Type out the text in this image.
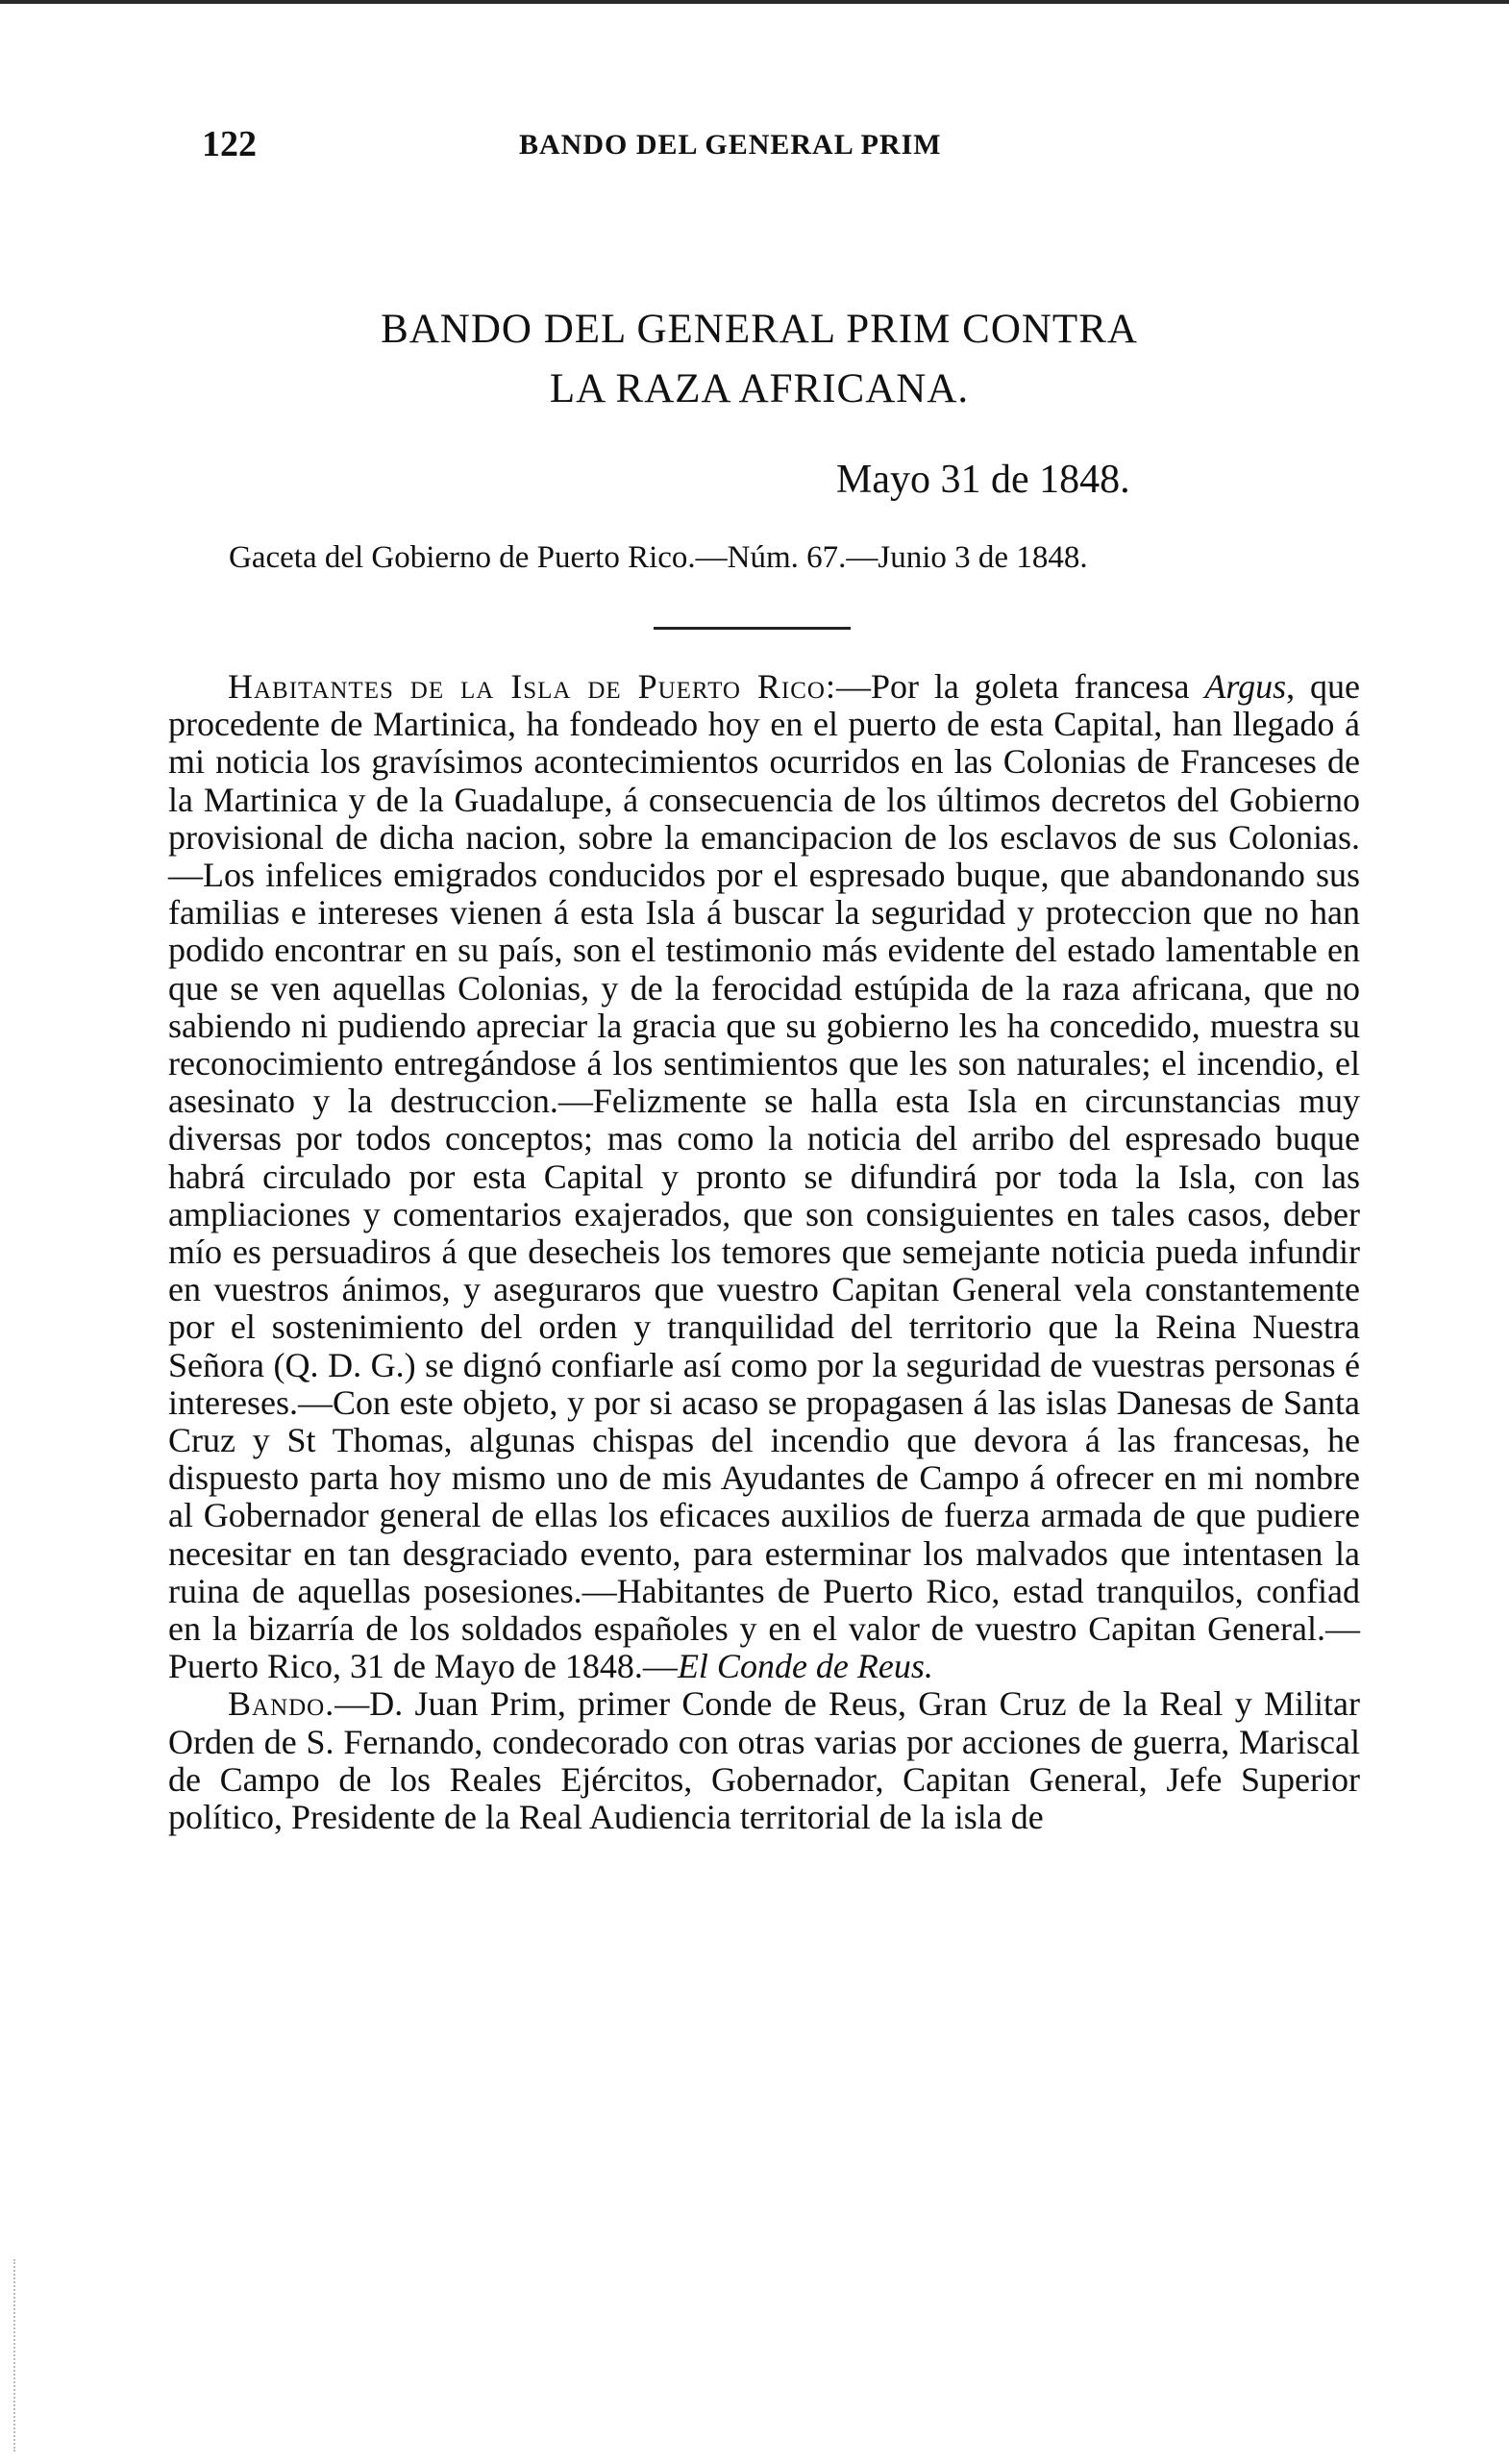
122	BANDO DEL GENERAL PRIM
BANDO DEL GENERAL PRIM CONTRA
LA RAZA AFRICANA.
Mayo 31 de 1848.
Gaceta del Gobierno de Puerto Rico.—Núm. 67.—Junio 3 de 1848.

Habitantes de la Isla de Puerto Rico:—Por la goleta francesa Argus, que procedente de Martinica, ha fondeado hoy en el puerto de esta Capital, han llegado á mi noticia los gravísimos acontecimientos ocurridos en las Colonias de Franceses de la Martinica y de la Guadalupe, á consecuencia de los últimos decretos del Gobierno provisional de dicha nacion, sobre la emancipacion de los esclavos de sus Colonias.—Los infelices emigrados conducidos por el espresado buque, que abandonando sus familias e intereses vienen á esta Isla á buscar la seguridad y proteccion que no han podido encontrar en su país, son el testimonio más evidente del estado lamentable en que se ven aquellas Colonias, y de la ferocidad estúpida de la raza africana, que no sabiendo ni pudiendo apreciar la gracia que su gobierno les ha concedido, muestra su reconocimiento entregándose á los sentimientos que les son naturales; el incendio, el asesinato y la destruccion.—Felizmente se halla esta Isla en circunstancias muy diversas por todos conceptos; mas como la noticia del arribo del espresado buque habrá circulado por esta Capital y pronto se difundirá por toda la Isla, con las ampliaciones y comentarios exajerados, que son consiguientes en tales casos, deber mío es persuadiros á que desecheis los temores que semejante noticia pueda infundir en vuestros ánimos, y aseguraros que vuestro Capitan General vela constantemente por el sostenimiento del orden y tranquilidad del territorio que la Reina Nuestra Señora (Q. D. G.) se dignó confiarle así como por la seguridad de vuestras personas é intereses.—Con este objeto, y por si acaso se propagasen á las islas Danesas de Santa Cruz y St Thomas, algunas chispas del incendio que devora á las francesas, he dispuesto parta hoy mismo uno de mis Ayudantes de Campo á ofrecer en mi nombre al Gobernador general de ellas los eficaces auxilios de fuerza armada de que pudiere necesitar en tan desgraciado evento, para esterminar los malvados que intentasen la ruina de aquellas posesiones.—Habitantes de Puerto Rico, estad tranquilos, confiad en la bizarría de los soldados españoles y en el valor de vuestro Capitan General.—Puerto Rico, 31 de Mayo de 1848.—El Conde de Reus.

Bando.—D. Juan Prim, primer Conde de Reus, Gran Cruz de la Real y Militar Orden de S. Fernando, condecorado con otras varias por acciones de guerra, Mariscal de Campo de los Reales Ejércitos, Gobernador, Capitan General, Jefe Superior político, Presidente de la Real Audiencia territorial de la isla de
